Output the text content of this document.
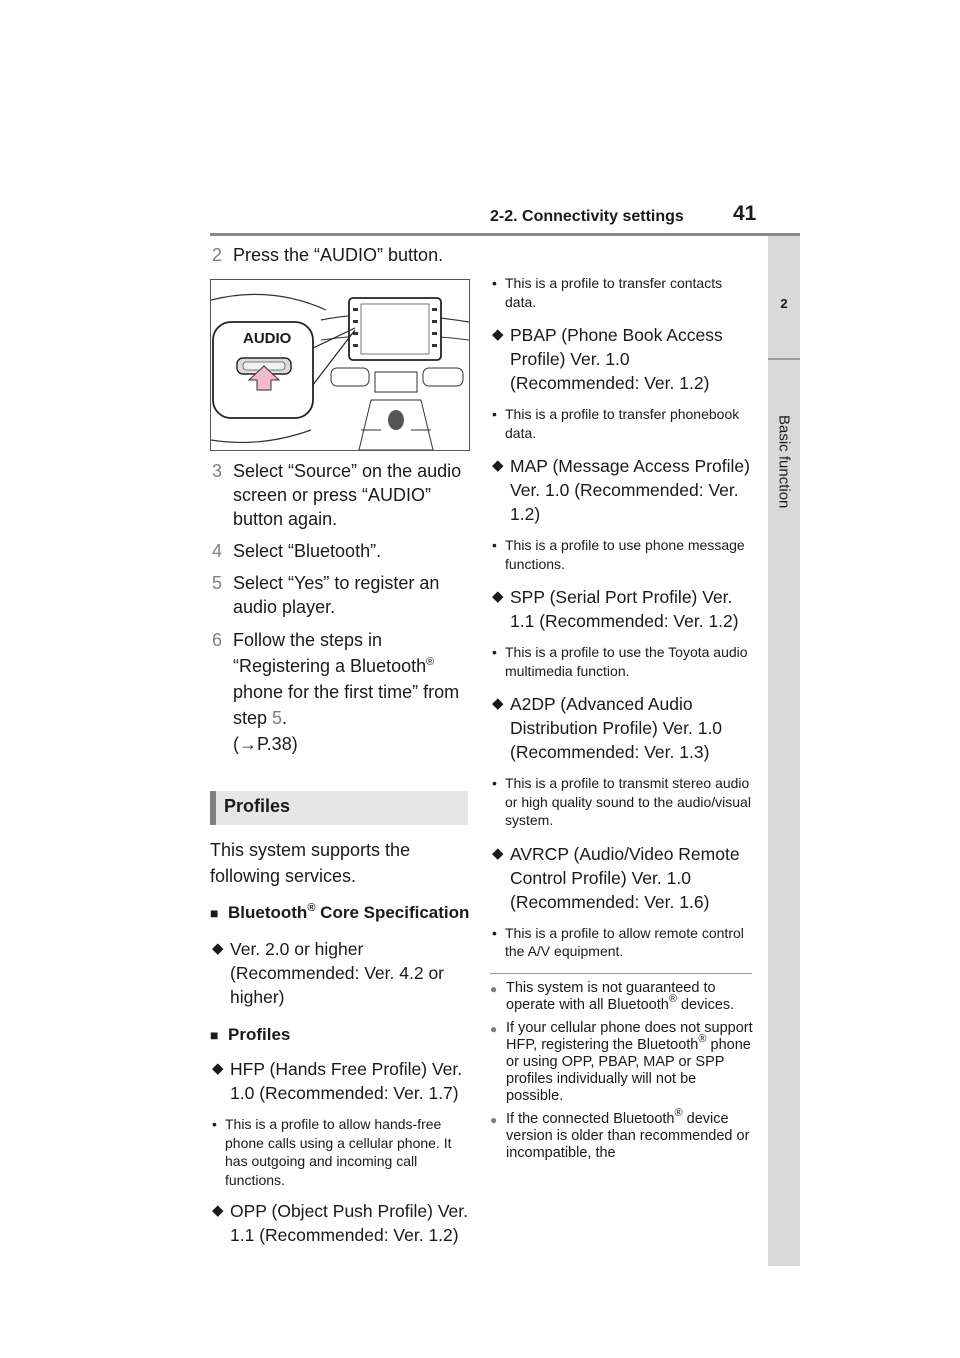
2-2. Connectivity settings 41
2
Basic function
2 Press the “AUDIO” button.
AUDIO
3 Select “Source” on the audio screen or press “AUDIO” button again.
4 Select “Bluetooth”.
5 Select “Yes” to register an audio player.
6 Follow the steps in “Registering a Bluetooth® phone for the first time” from step 5.
(→P.38)
Profiles
This system supports the following services.
■ Bluetooth® Core Specification
◆ Ver. 2.0 or higher (Recommended: Ver. 4.2 or higher)
■ Profiles
◆ HFP (Hands Free Profile) Ver. 1.0 (Recommended: Ver. 1.7)
• This is a profile to allow hands-free phone calls using a cellular phone. It has outgoing and incoming call functions.
◆ OPP (Object Push Profile) Ver. 1.1 (Recommended: Ver. 1.2)
• This is a profile to transfer contacts data.
◆ PBAP (Phone Book Access Profile) Ver. 1.0 (Recommended: Ver. 1.2)
• This is a profile to transfer phonebook data.
◆ MAP (Message Access Profile) Ver. 1.0 (Recommended: Ver. 1.2)
• This is a profile to use phone message functions.
◆ SPP (Serial Port Profile) Ver. 1.1 (Recommended: Ver. 1.2)
• This is a profile to use the Toyota audio multimedia function.
◆ A2DP (Advanced Audio Distribution Profile) Ver. 1.0 (Recommended: Ver. 1.3)
• This is a profile to transmit stereo audio or high quality sound to the audio/visual system.
◆ AVRCP (Audio/Video Remote Control Profile) Ver. 1.0 (Recommended: Ver. 1.6)
• This is a profile to allow remote control the A/V equipment.
● This system is not guaranteed to operate with all Bluetooth® devices.
● If your cellular phone does not support HFP, registering the Bluetooth® phone or using OPP, PBAP, MAP or SPP profiles individually will not be possible.
● If the connected Bluetooth® device version is older than recommended or incompatible, the
